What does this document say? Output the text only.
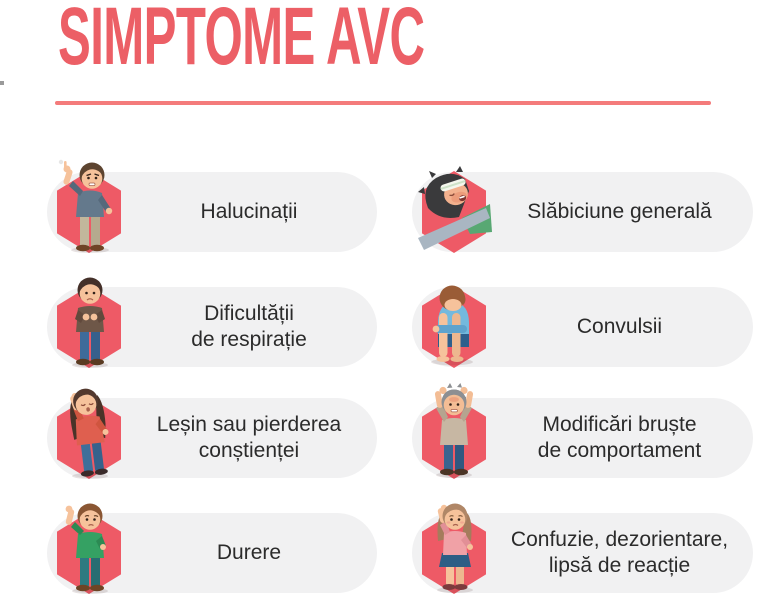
SIMPTOME AVC
Halucinații
Dificultății
de respirație
Leșin sau pierderea
conștienței
Durere
Slăbiciune generală
Convulsii
Modificări bruște
de comportament
Confuzie, dezorientare,
lipsă de reacție
